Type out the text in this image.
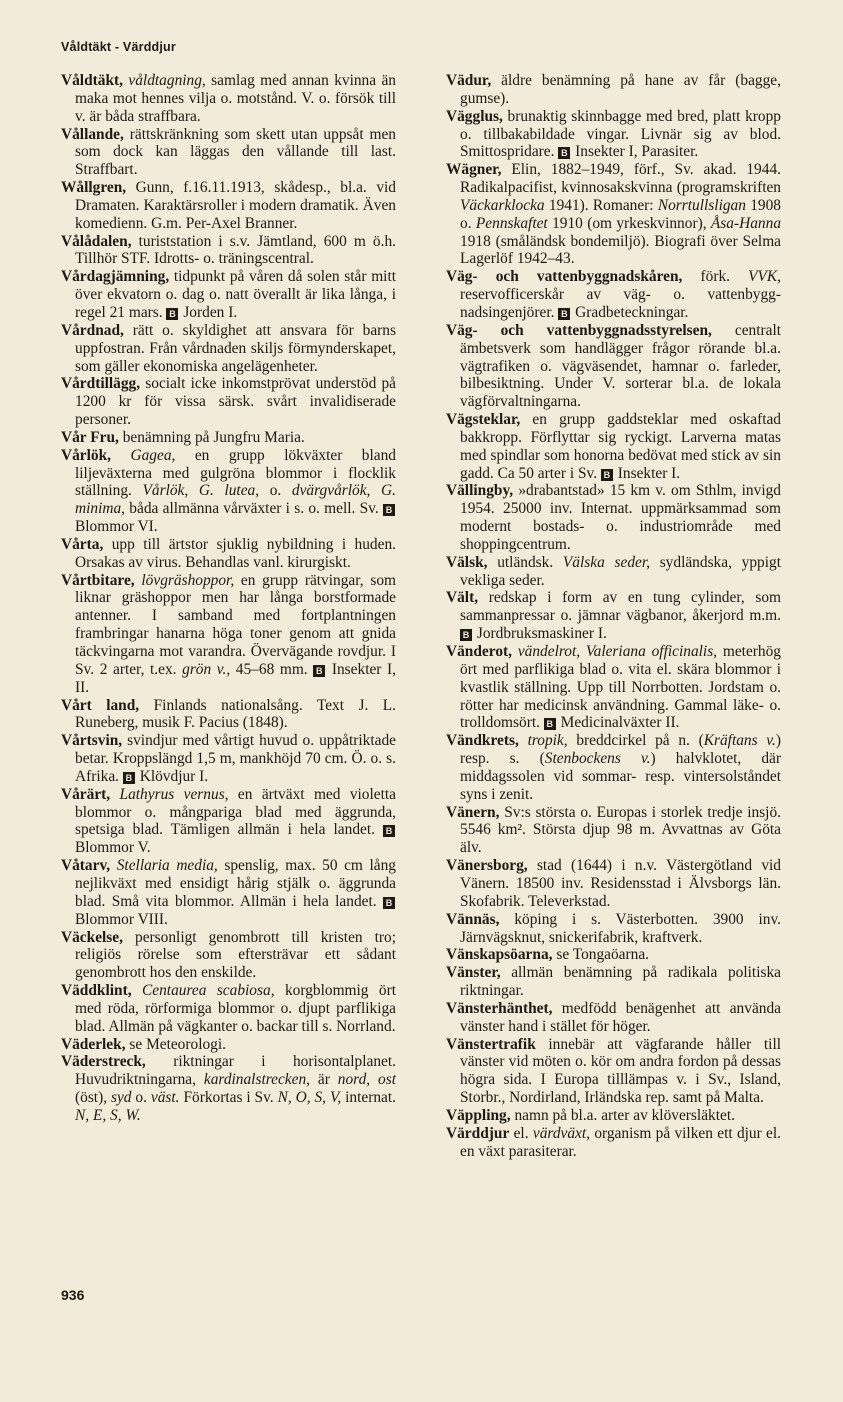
Våldtäkt - Värddjur

Våldtäkt, våldtagning, samlag med annan kvinna än maka mot hennes vilja o. motstånd. V. o. försök till v. är båda straffbara.

Vållande, rättskränkning som skett utan uppsåt men som dock kan läggas den vållande till last. Straffbart.

Wållgren, Gunn, f.16.11.1913, skådesp., bl.a. vid Dramaten. Karaktärsroller i modern dramatik. Även komedienn. G.m. Per-Axel Branner.

Vålådalen, turiststation i s.v. Jämtland, 600 m ö.h. Tillhör STF. Idrotts- o. träningscentral.

Vårdagjämning, tidpunkt på våren då solen står mitt över ekvatorn o. dag o. natt överallt är lika långa, i regel 21 mars. B Jorden I.

Vårdnad, rätt o. skyldighet att ansvara för barns uppfostran. Från vårdnaden skiljs förmynderskapet, som gäller ekonomiska angelägenheter.

Vårdtillägg, socialt icke inkomstprövat understöd på 1200 kr för vissa särsk. svårt invalidiserade personer.

Vår Fru, benämning på Jungfru Maria.

Vårlök, Gagea, en grupp lökväxter bland liljeväxterna med gulgröna blommor i flocklik ställning. Vårlök, G. lutea, o. dvärgvårlök, G. minima, båda allmänna vårväxter i s. o. mell. Sv. B Blommor VI.

Vårta, upp till ärtstor sjuklig nybildning i huden. Orsakas av virus. Behandlas vanl. kirurgiskt.

Vårtbitare, lövgräshoppor, en grupp rätvingar, som liknar gräshoppor men har långa borstformade antenner. I samband med fortplantningen frambringar hanarna höga toner genom att gnida täckvingarna mot varandra. Övervägande rovdjur. I Sv. 2 arter, t.ex. grön v., 45–68 mm. B Insekter I, II.

Vårt land, Finlands nationalsång. Text J. L. Runeberg, musik F. Pacius (1848).

Vårtsvin, svindjur med vårtigt huvud o. uppåtriktade betar. Kroppslängd 1,5 m, mankhöjd 70 cm. Ö. o. s. Afrika. B Klövdjur I.

Vårärt, Lathyrus vernus, en ärtväxt med violetta blommor o. mångpariga blad med äggrunda, spetsiga blad. Tämligen allmän i hela landet. B Blommor V.

Våtarv, Stellaria media, spenslig, max. 50 cm lång nejlikväxt med ensidigt hårig stjälk o. äggrunda blad. Små vita blommor. Allmän i hela landet. B Blommor VIII.

Väckelse, personligt genombrott till kristen tro; religiös rörelse som eftersträvar ett sådant genombrott hos den enskilde.

Väddklint, Centaurea scabiosa, korgblommig ört med röda, rörformiga blommor o. djupt parflikiga blad. Allmän på vägkanter o. backar till s. Norrland.

Väderlek, se Meteorologi.

Väderstreck, riktningar i horisontalplanet. Huvudriktningarna, kardinalstrecken, är nord, ost (öst), syd o. väst. Förkortas i Sv. N, O, S, V, internat. N, E, S, W.

Vädur, äldre benämning på hane av får (bagge, gumse).

Vägglus, brunaktig skinnbagge med bred, platt kropp o. tillbakabildade vingar. Livnär sig av blod. Smittospridare. B Insekter I, Parasiter.

Wägner, Elin, 1882–1949, förf., Sv. akad. 1944. Radikalpacifist, kvinnosakskvinna (programskriften Väckarklocka 1941). Romaner: Norrtullsligan 1908 o. Pennskaftet 1910 (om yrkeskvinnor), Åsa-Hanna 1918 (småländsk bondemiljö). Biografi över Selma Lagerlöf 1942–43.

Väg- och vattenbyggnadskåren, förk. VVK, reservofficerskår av väg- o. vattenbyggnadsingenjörer. B Gradbeteckningar.

Väg- och vattenbyggnadsstyrelsen, centralt ämbetsverk som handlägger frågor rörande bl.a. vägtrafiken o. vägväsendet, hamnar o. farleder, bilbesiktning. Under V. sorterar bl.a. de lokala vägförvaltningarna.

Vägsteklar, en grupp gaddsteklar med oskaftad bakkropp. Förflyttar sig ryckigt. Larverna matas med spindlar som honorna bedövat med stick av sin gadd. Ca 50 arter i Sv. B Insekter I.

Vällingby, »drabantstad» 15 km v. om Sthlm, invigd 1954. 25000 inv. Internat. uppmärksammad som modernt bostads- o. industriområde med shoppingcentrum.

Välsk, utländsk. Välska seder, sydländska, yppigt vekliga seder.

Vält, redskap i form av en tung cylinder, som sammanpressar o. jämnar vägbanor, åkerjord m.m. B Jordbruksmaskiner I.

Vänderot, vändelrot, Valeriana officinalis, meterhög ört med parflikiga blad o. vita el. skära blommor i kvastlik ställning. Upp till Norrbotten. Jordstam o. rötter har medicinsk användning. Gammal läke- o. trolldomsört. B Medicinalväxter II.

Vändkrets, tropik, breddcirkel på n. (Kräftans v.) resp. s. (Stenbockens v.) halvklotet, där middagssolen vid sommar- resp. vintersolståndet syns i zenit.

Vänern, Sv:s största o. Europas i storlek tredje insjö. 5546 km². Största djup 98 m. Avvattnas av Göta älv.

Vänersborg, stad (1644) i n.v. Västergötland vid Vänern. 18500 inv. Residensstad i Älvsborgs län. Skofabrik. Televerkstad.

Vännäs, köping i s. Västerbotten. 3900 inv. Järnvägsknut, snickerifabrik, kraftverk.

Vänskapsöarna, se Tongaöarna.

Vänster, allmän benämning på radikala politiska riktningar.

Vänsterhänthet, medfödd benägenhet att använda vänster hand i stället för höger.

Vänstertrafik innebär att vägfarande håller till vänster vid möten o. kör om andra fordon på dessas högra sida. I Europa tilllämpas v. i Sv., Island, Storbr., Nordirland, Irländska rep. samt på Malta.

Väppling, namn på bl.a. arter av klöversläktet.

Värddjur el. värdväxt, organism på vilken ett djur el. en växt parasiterar.

936
